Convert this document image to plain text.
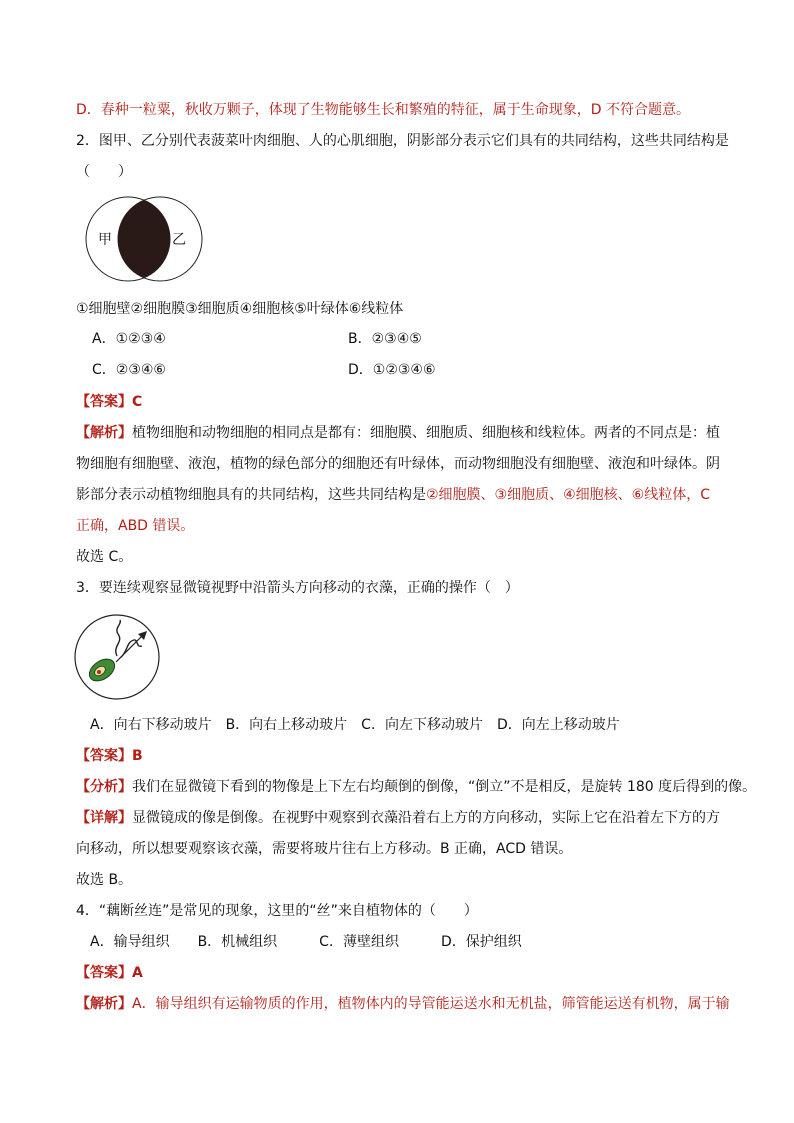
D．春种一粒粟，秋收万颗子，体现了生物能够生长和繁殖的特征，属于生命现象，D 不符合题意。
2．图甲、乙分别代表菠菜叶肉细胞、人的心肌细胞，阴影部分表示它们具有的共同结构，这些共同结构是
（　　）
甲	乙
①细胞壁②细胞膜③细胞质④细胞核⑤叶绿体⑥线粒体
A．①②③④	B．②③④⑤
C．②③④⑥	D．①②③④⑥
【答案】C
【解析】植物细胞和动物细胞的相同点是都有：细胞膜、细胞质、细胞核和线粒体。两者的不同点是：植
物细胞有细胞壁、液泡，植物的绿色部分的细胞还有叶绿体，而动物细胞没有细胞壁、液泡和叶绿体。阴
影部分表示动植物细胞具有的共同结构，这些共同结构是②细胞膜、③细胞质、④细胞核、⑥线粒体，C
正确，ABD 错误。
故选 C。
3．要连续观察显微镜视野中沿箭头方向移动的衣藻，正确的操作（　）
A．向右下移动玻片　B．向右上移动玻片　C．向左下移动玻片　D．向左上移动玻片
【答案】B
【分析】我们在显微镜下看到的物像是上下左右均颠倒的倒像，“倒立”不是相反，是旋转 180 度后得到的像。
【详解】显微镜成的像是倒像。在视野中观察到衣藻沿着右上方的方向移动，实际上它在沿着左下方的方
向移动，所以想要观察该衣藻，需要将玻片往右上方移动。B 正确，ACD 错误。
故选 B。
4．“藕断丝连”是常见的现象，这里的“丝”来自植物体的（　　）
A．输导组织　　B．机械组织　　　C．薄壁组织　　　D．保护组织
【答案】A
【解析】A．输导组织有运输物质的作用，植物体内的导管能运送水和无机盐，筛管能运送有机物，属于输
